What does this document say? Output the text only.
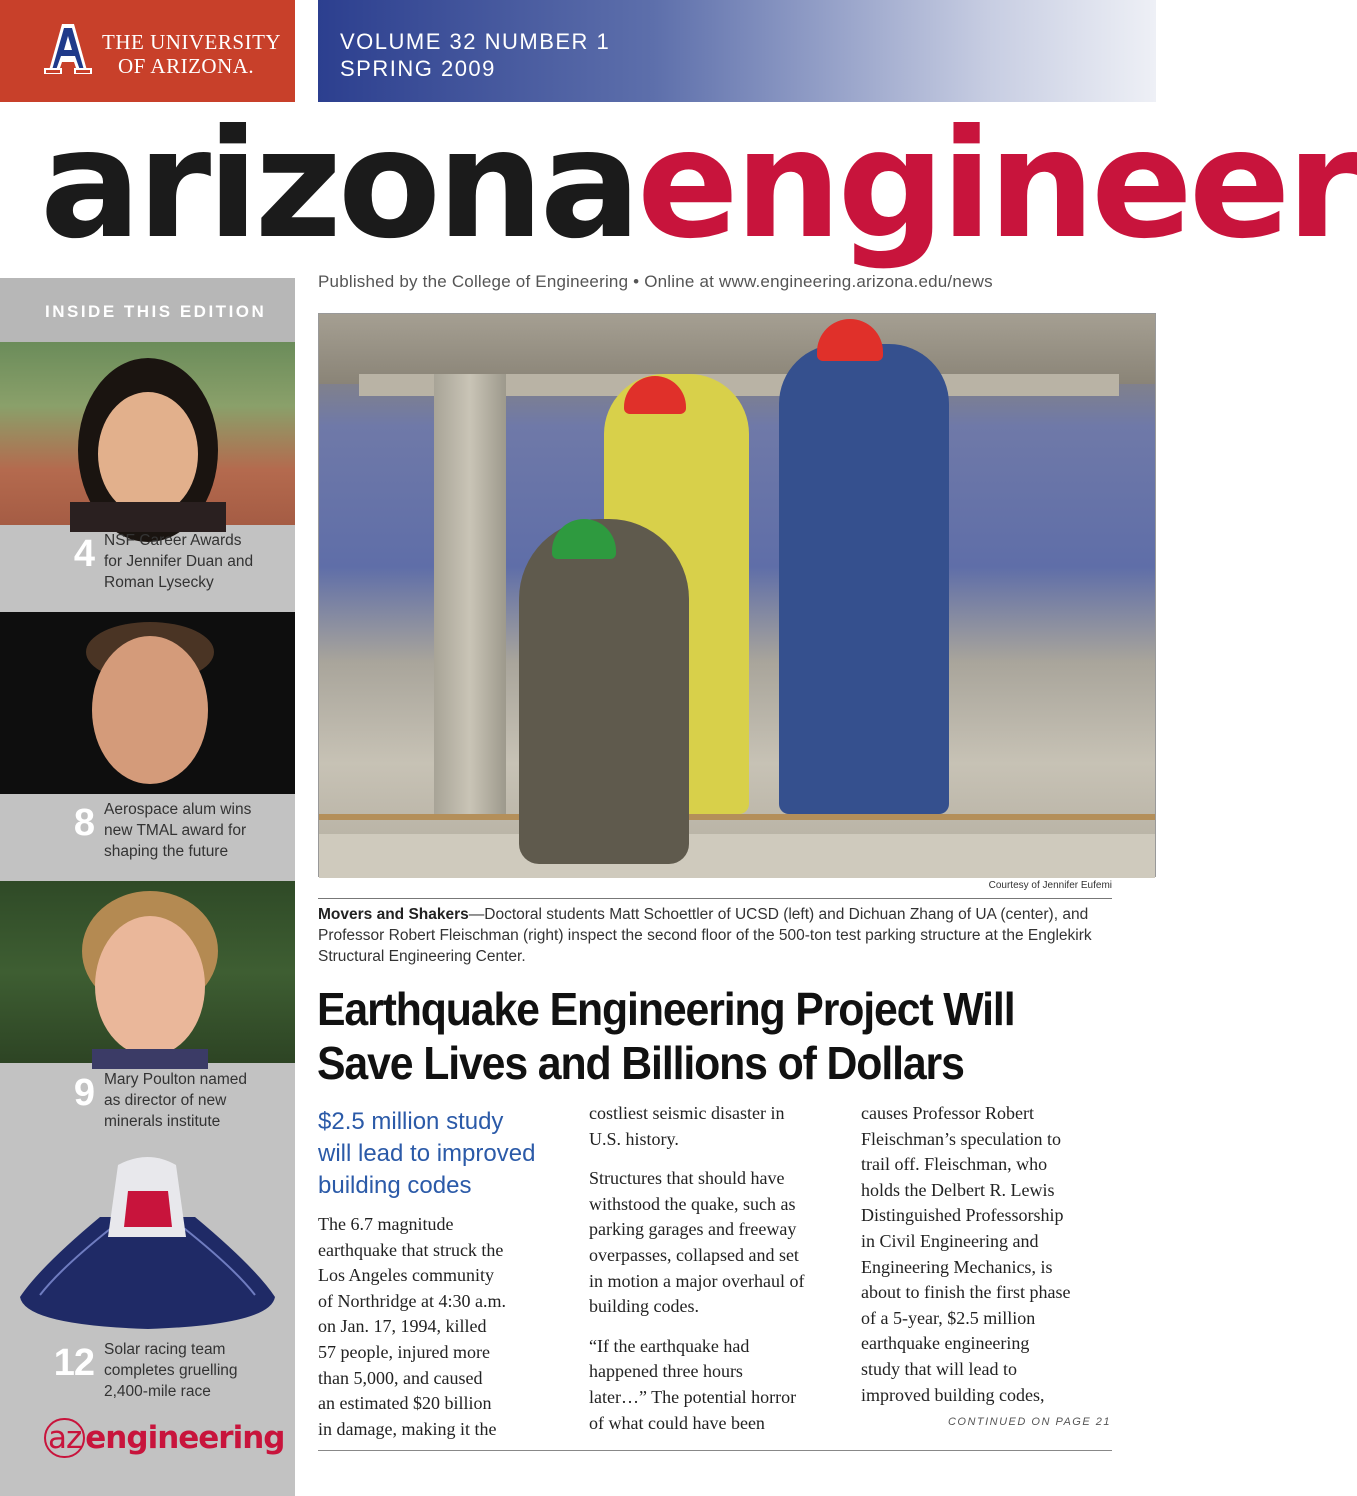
THE UNIVERSITY
OF ARIZONA.
VOLUME 32 NUMBER 1
SPRING 2009
arizonaengineer
Published by the College of Engineering • Online at www.engineering.arizona.edu/news
INSIDE THIS EDITION
4 NSF Career Awards
for Jennifer Duan and
Roman Lysecky
8 Aerospace alum wins
new TMAL award for
shaping the future
9 Mary Poulton named
as director of new
minerals institute
12 Solar racing team
completes gruelling
2,400-mile race
az engineering
Courtesy of Jennifer Eufemi
Movers and Shakers—Doctoral students Matt Schoettler of UCSD (left) and Dichuan Zhang of UA (center), and Professor Robert Fleischman (right) inspect the second floor of the 500-ton test parking structure at the Englekirk Structural Engineering Center.
Earthquake Engineering Project Will
Save Lives and Billions of Dollars
$2.5 million study
will lead to improved
building codes
The 6.7 magnitude
earthquake that struck the
Los Angeles community
of Northridge at 4:30 a.m.
on Jan. 17, 1994, killed
57 people, injured more
than 5,000, and caused
an estimated $20 billion
in damage, making it the
costliest seismic disaster in
U.S. history.
Structures that should have
withstood the quake, such as
parking garages and freeway
overpasses, collapsed and set
in motion a major overhaul of
building codes.
“If the earthquake had
happened three hours
later…” The potential horror
of what could have been
causes Professor Robert
Fleischman’s speculation to
trail off. Fleischman, who
holds the Delbert R. Lewis
Distinguished Professorship
in Civil Engineering and
Engineering Mechanics, is
about to finish the first phase
of a 5-year, $2.5 million
earthquake engineering
study that will lead to
improved building codes,
CONTINUED ON PAGE 21
